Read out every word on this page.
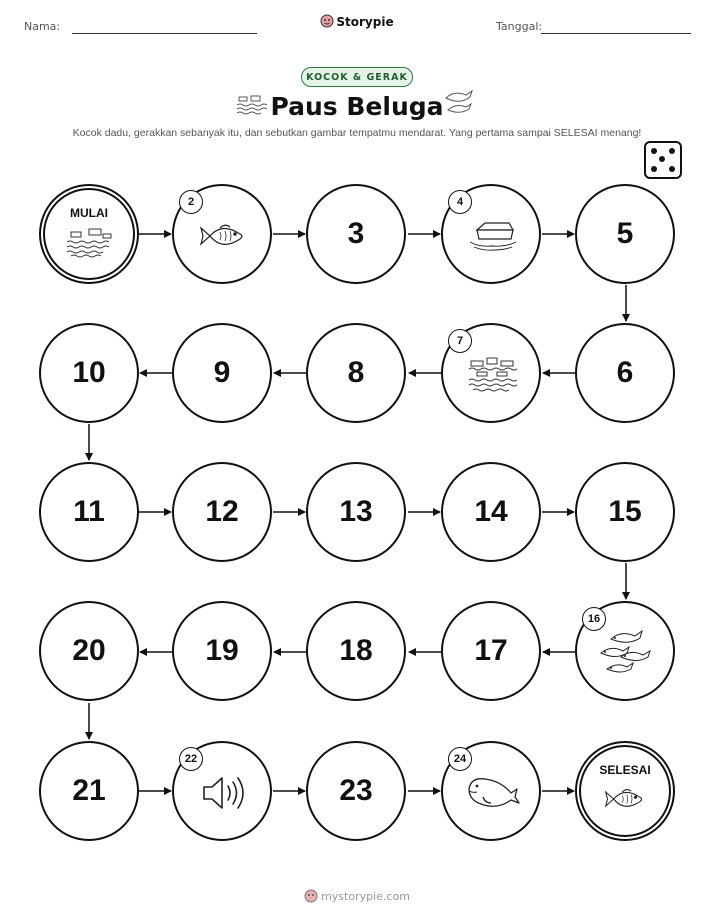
Nama:	Storypie	Tanggal:
KOCOK & GERAK
Paus Beluga
Kocok dadu, gerakkan sebanyak itu, dan sebutkan gambar tempatmu mendarat. Yang pertama sampai SELESAI menang!
MULAI
2
3
4
5
10	9	8
7
6
11	12	13	14	15
20	19	18	17
16
21
22
23
24
SELESAI
mystorypie.com
